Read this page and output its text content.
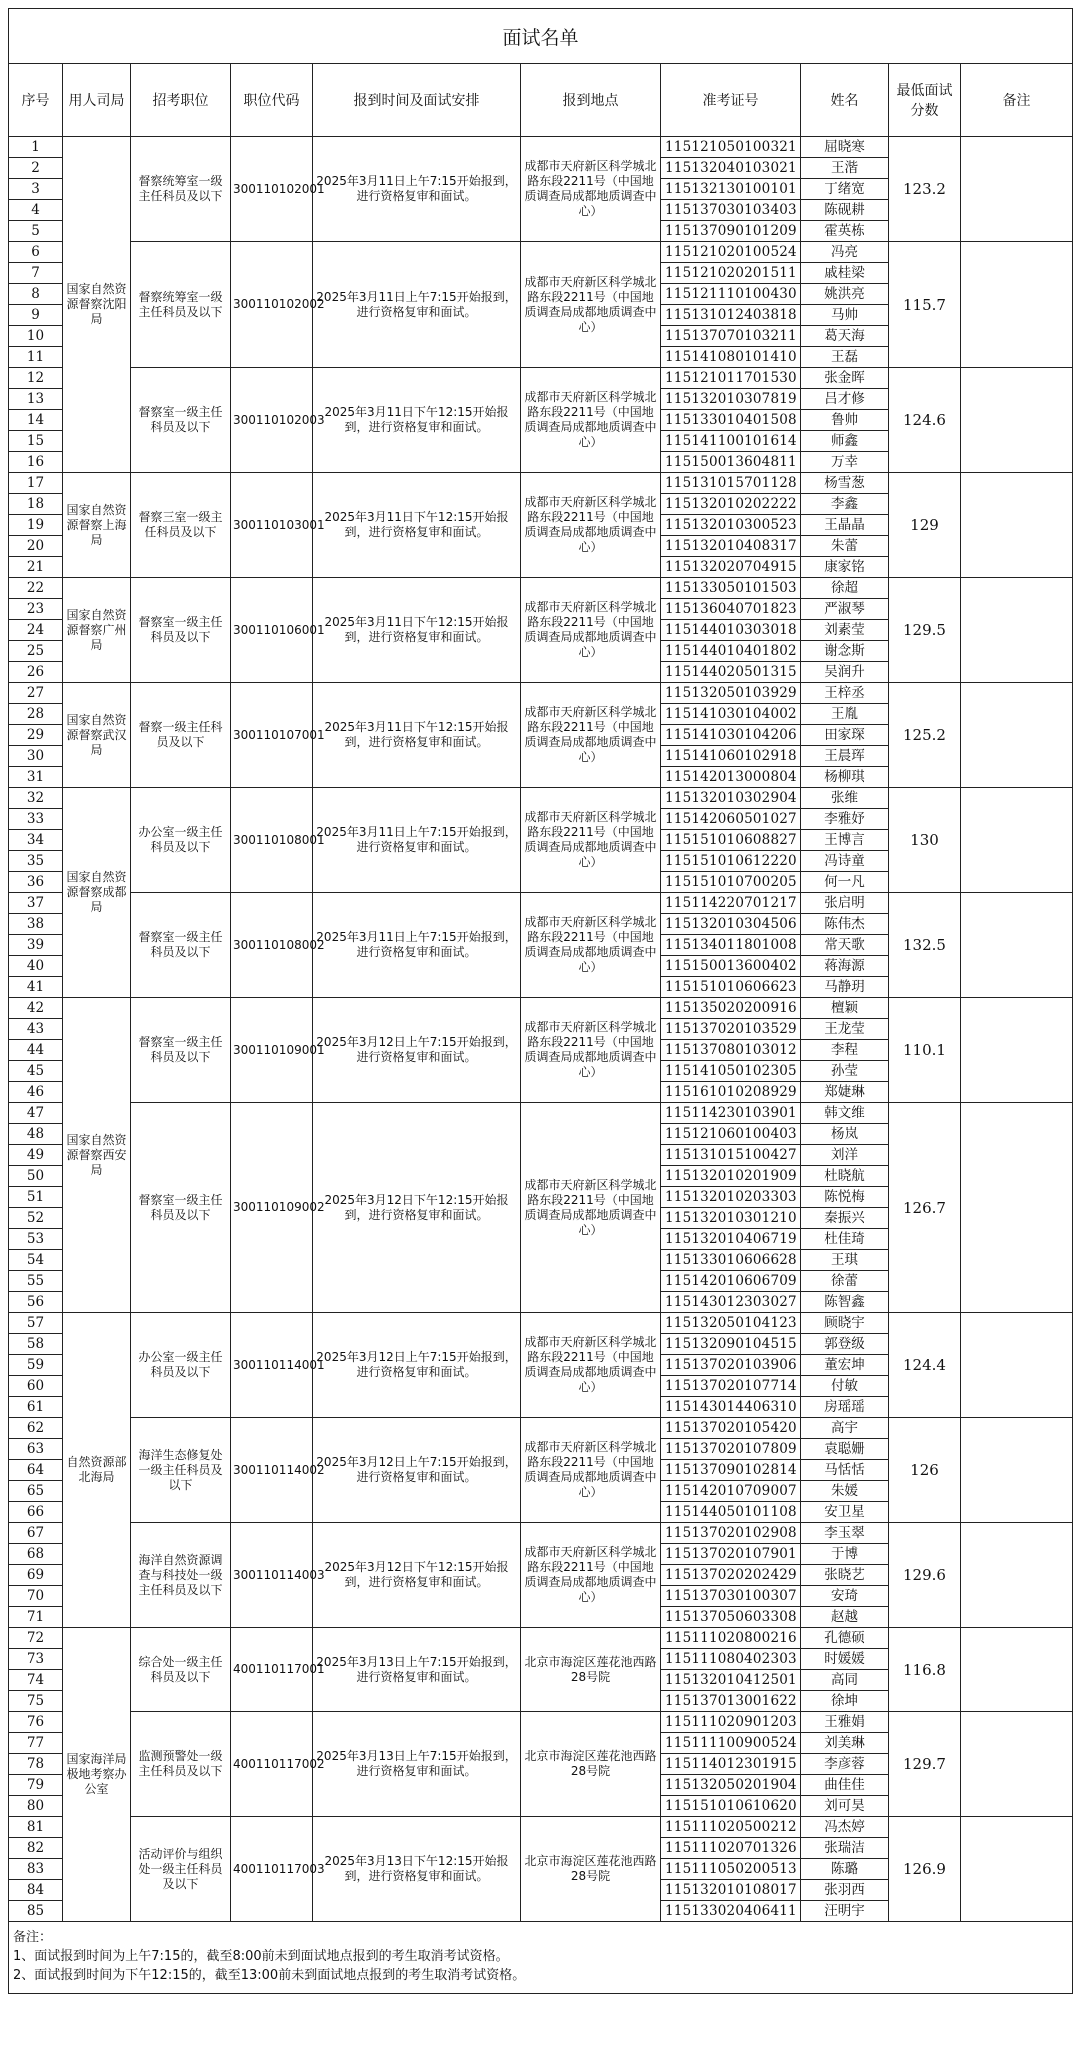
面试名单									
序号	用人司局	招考职位	职位代码	报到时间及面试安排	报到地点	准考证号	姓名	最低面试分数	备注
1	国家自然资源督察沈阳局	督察统筹室一级主任科员及以下	300110102001	2025年3月11日上午7:15开始报到，进行资格复审和面试。	成都市天府新区科学城北路东段2211号（中国地质调查局成都地质调查中心）	115121050100321	屈晓寒	123.2	
2						115132040103021	王湝		
3						115132130100101	丁绪宽		
4						115137030103403	陈砚耕		
5						115137090101209	霍英栋		
6		督察统筹室一级主任科员及以下	300110102002	2025年3月11日上午7:15开始报到，进行资格复审和面试。	成都市天府新区科学城北路东段2211号（中国地质调查局成都地质调查中心）	115121020100524	冯亮	115.7	
7						115121020201511	戚桂梁		
8						115121110100430	姚洪亮		
9						115131012403818	马帅		
10						115137070103211	葛天海		
11						115141080101410	王磊		
12		督察室一级主任科员及以下	300110102003	2025年3月11日下午12:15开始报到，进行资格复审和面试。	成都市天府新区科学城北路东段2211号（中国地质调查局成都地质调查中心）	115121011701530	张金晖	124.6	
13						115132010307819	吕才修		
14						115133010401508	鲁帅		
15						115141100101614	师鑫		
16						115150013604811	万幸		
17	国家自然资源督察上海局	督察三室一级主任科员及以下	300110103001	2025年3月11日下午12:15开始报到，进行资格复审和面试。	成都市天府新区科学城北路东段2211号（中国地质调查局成都地质调查中心）	115131015701128	杨雪葱	129	
18						115132010202222	李鑫		
19						115132010300523	王晶晶		
20						115132010408317	朱蕾		
21						115132020704915	康家铭		
22	国家自然资源督察广州局	督察室一级主任科员及以下	300110106001	2025年3月11日下午12:15开始报到，进行资格复审和面试。	成都市天府新区科学城北路东段2211号（中国地质调查局成都地质调查中心）	115133050101503	徐超	129.5	
23						115136040701823	严淑琴		
24						115144010303018	刘素莹		
25						115144010401802	谢念斯		
26						115144020501315	吴润升		
27	国家自然资源督察武汉局	督察一级主任科员及以下	300110107001	2025年3月11日下午12:15开始报到，进行资格复审和面试。	成都市天府新区科学城北路东段2211号（中国地质调查局成都地质调查中心）	115132050103929	王梓丞	125.2	
28						115141030104002	王胤		
29						115141030104206	田家琛		
30						115141060102918	王晨珲		
31						115142013000804	杨柳琪		
32	国家自然资源督察成都局	办公室一级主任科员及以下	300110108001	2025年3月11日上午7:15开始报到，进行资格复审和面试。	成都市天府新区科学城北路东段2211号（中国地质调查局成都地质调查中心）	115132010302904	张维	130	
33						115142060501027	李雅妤		
34						115151010608827	王博言		
35						115151010612220	冯诗童		
36						115151010700205	何一凡		
37		督察室一级主任科员及以下	300110108002	2025年3月11日上午7:15开始报到，进行资格复审和面试。	成都市天府新区科学城北路东段2211号（中国地质调查局成都地质调查中心）	115114220701217	张启明	132.5	
38						115132010304506	陈伟杰		
39						115134011801008	常天歌		
40						115150013600402	蒋海源		
41						115151010606623	马静玥		
42	国家自然资源督察西安局	督察室一级主任科员及以下	300110109001	2025年3月12日上午7:15开始报到，进行资格复审和面试。	成都市天府新区科学城北路东段2211号（中国地质调查局成都地质调查中心）	115135020200916	檀颖	110.1	
43						115137020103529	王龙莹		
44						115137080103012	李程		
45						115141050102305	孙莹		
46						115161010208929	郑婕琳		
47		督察室一级主任科员及以下	300110109002	2025年3月12日下午12:15开始报到，进行资格复审和面试。	成都市天府新区科学城北路东段2211号（中国地质调查局成都地质调查中心）	115114230103901	韩文维	126.7	
48						115121060100403	杨岚		
49						115131015100427	刘洋		
50						115132010201909	杜晓航		
51						115132010203303	陈悦梅		
52						115132010301210	秦振兴		
53						115132010406719	杜佳琦		
54						115133010606628	王琪		
55						115142010606709	徐蕾		
56						115143012303027	陈智鑫		
57	自然资源部北海局	办公室一级主任科员及以下	300110114001	2025年3月12日上午7:15开始报到，进行资格复审和面试。	成都市天府新区科学城北路东段2211号（中国地质调查局成都地质调查中心）	115132050104123	顾晓宇	124.4	
58						115132090104515	郭登级		
59						115137020103906	董宏坤		
60						115137020107714	付敏		
61						115143014406310	房瑶瑶		
62		海洋生态修复处一级主任科员及以下	300110114002	2025年3月12日上午7:15开始报到，进行资格复审和面试。	成都市天府新区科学城北路东段2211号（中国地质调查局成都地质调查中心）	115137020105420	高宇	126	
63						115137020107809	袁聪姗		
64						115137090102814	马恬恬		
65						115142010709007	朱媛		
66						115144050101108	安卫星		
67		海洋自然资源调查与科技处一级主任科员及以下	300110114003	2025年3月12日下午12:15开始报到，进行资格复审和面试。	成都市天府新区科学城北路东段2211号（中国地质调查局成都地质调查中心）	115137020102908	李玉翠	129.6	
68						115137020107901	于博		
69						115137020202429	张晓艺		
70						115137030100307	安琦		
71						115137050603308	赵越		
72	国家海洋局极地考察办公室	综合处一级主任科员及以下	400110117001	2025年3月13日上午7:15开始报到，进行资格复审和面试。	北京市海淀区莲花池西路28号院	115111020800216	孔德硕	116.8	
73						115111080402303	时媛媛		
74						115132010412501	高同		
75						115137013001622	徐坤		
76		监测预警处一级主任科员及以下	400110117002	2025年3月13日上午7:15开始报到，进行资格复审和面试。	北京市海淀区莲花池西路28号院	115111020901203	王雅娟	129.7	
77						115111100900524	刘美琳		
78						115114012301915	李彦蓉		
79						115132050201904	曲佳佳		
80						115151010610620	刘可昊		
81		活动评价与组织处一级主任科员及以下	400110117003	2025年3月13日下午12:15开始报到，进行资格复审和面试。	北京市海淀区莲花池西路28号院	115111020500212	冯杰婷	126.9	
82						115111020701326	张瑞洁		
83						115111050200513	陈璐		
84						115132010108017	张羽西		
85						115133020406411	汪明宇		

备注：
1、面试报到时间为上午7:15的，截至8:00前未到面试地点报到的考生取消考试资格。
2、面试报到时间为下午12:15的，截至13:00前未到面试地点报到的考生取消考试资格。									
